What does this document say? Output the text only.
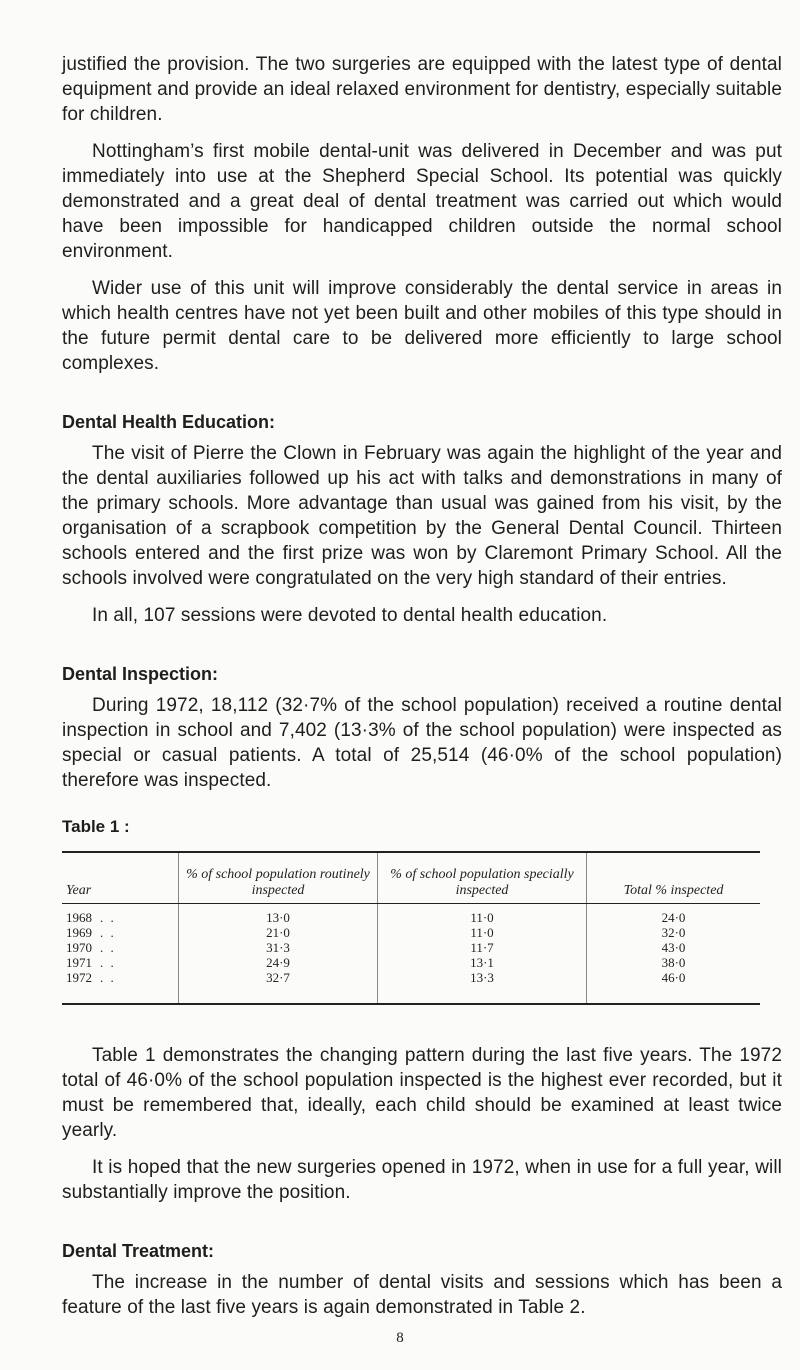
justified the provision. The two surgeries are equipped with the latest type of dental equipment and provide an ideal relaxed environment for dentistry, especially suitable for children.

Nottingham’s first mobile dental-unit was delivered in December and was put immediately into use at the Shepherd Special School. Its potential was quickly demonstrated and a great deal of dental treatment was carried out which would have been impossible for handicapped children outside the normal school environment.

Wider use of this unit will improve considerably the dental service in areas in which health centres have not yet been built and other mobiles of this type should in the future permit dental care to be delivered more efficiently to large school complexes.

Dental Health Education:

The visit of Pierre the Clown in February was again the highlight of the year and the dental auxiliaries followed up his act with talks and demonstrations in many of the primary schools. More advantage than usual was gained from his visit, by the organisation of a scrapbook competition by the General Dental Council. Thirteen schools entered and the first prize was won by Claremont Primary School. All the schools involved were congratulated on the very high standard of their entries.

In all, 107 sessions were devoted to dental health education.

Dental Inspection:

During 1972, 18,112 (32·7% of the school population) received a routine dental inspection in school and 7,402 (13·3% of the school population) were inspected as special or casual patients. A total of 25,514 (46·0% of the school population) therefore was inspected.

Table 1 :
Year	% of school population routinely inspected	% of school population specially inspected	Total % inspected
1968 . .	13·0	11·0	24·0
1969 . .	21·0	11·0	32·0
1970 . .	31·3	11·7	43·0
1971 . .	24·9	13·1	38·0
1972 . .	32·7	13·3	46·0

Table 1 demonstrates the changing pattern during the last five years. The 1972 total of 46·0% of the school population inspected is the highest ever recorded, but it must be remembered that, ideally, each child should be examined at least twice yearly.

It is hoped that the new surgeries opened in 1972, when in use for a full year, will substantially improve the position.

Dental Treatment:

The increase in the number of dental visits and sessions which has been a feature of the last five years is again demonstrated in Table 2.

8
